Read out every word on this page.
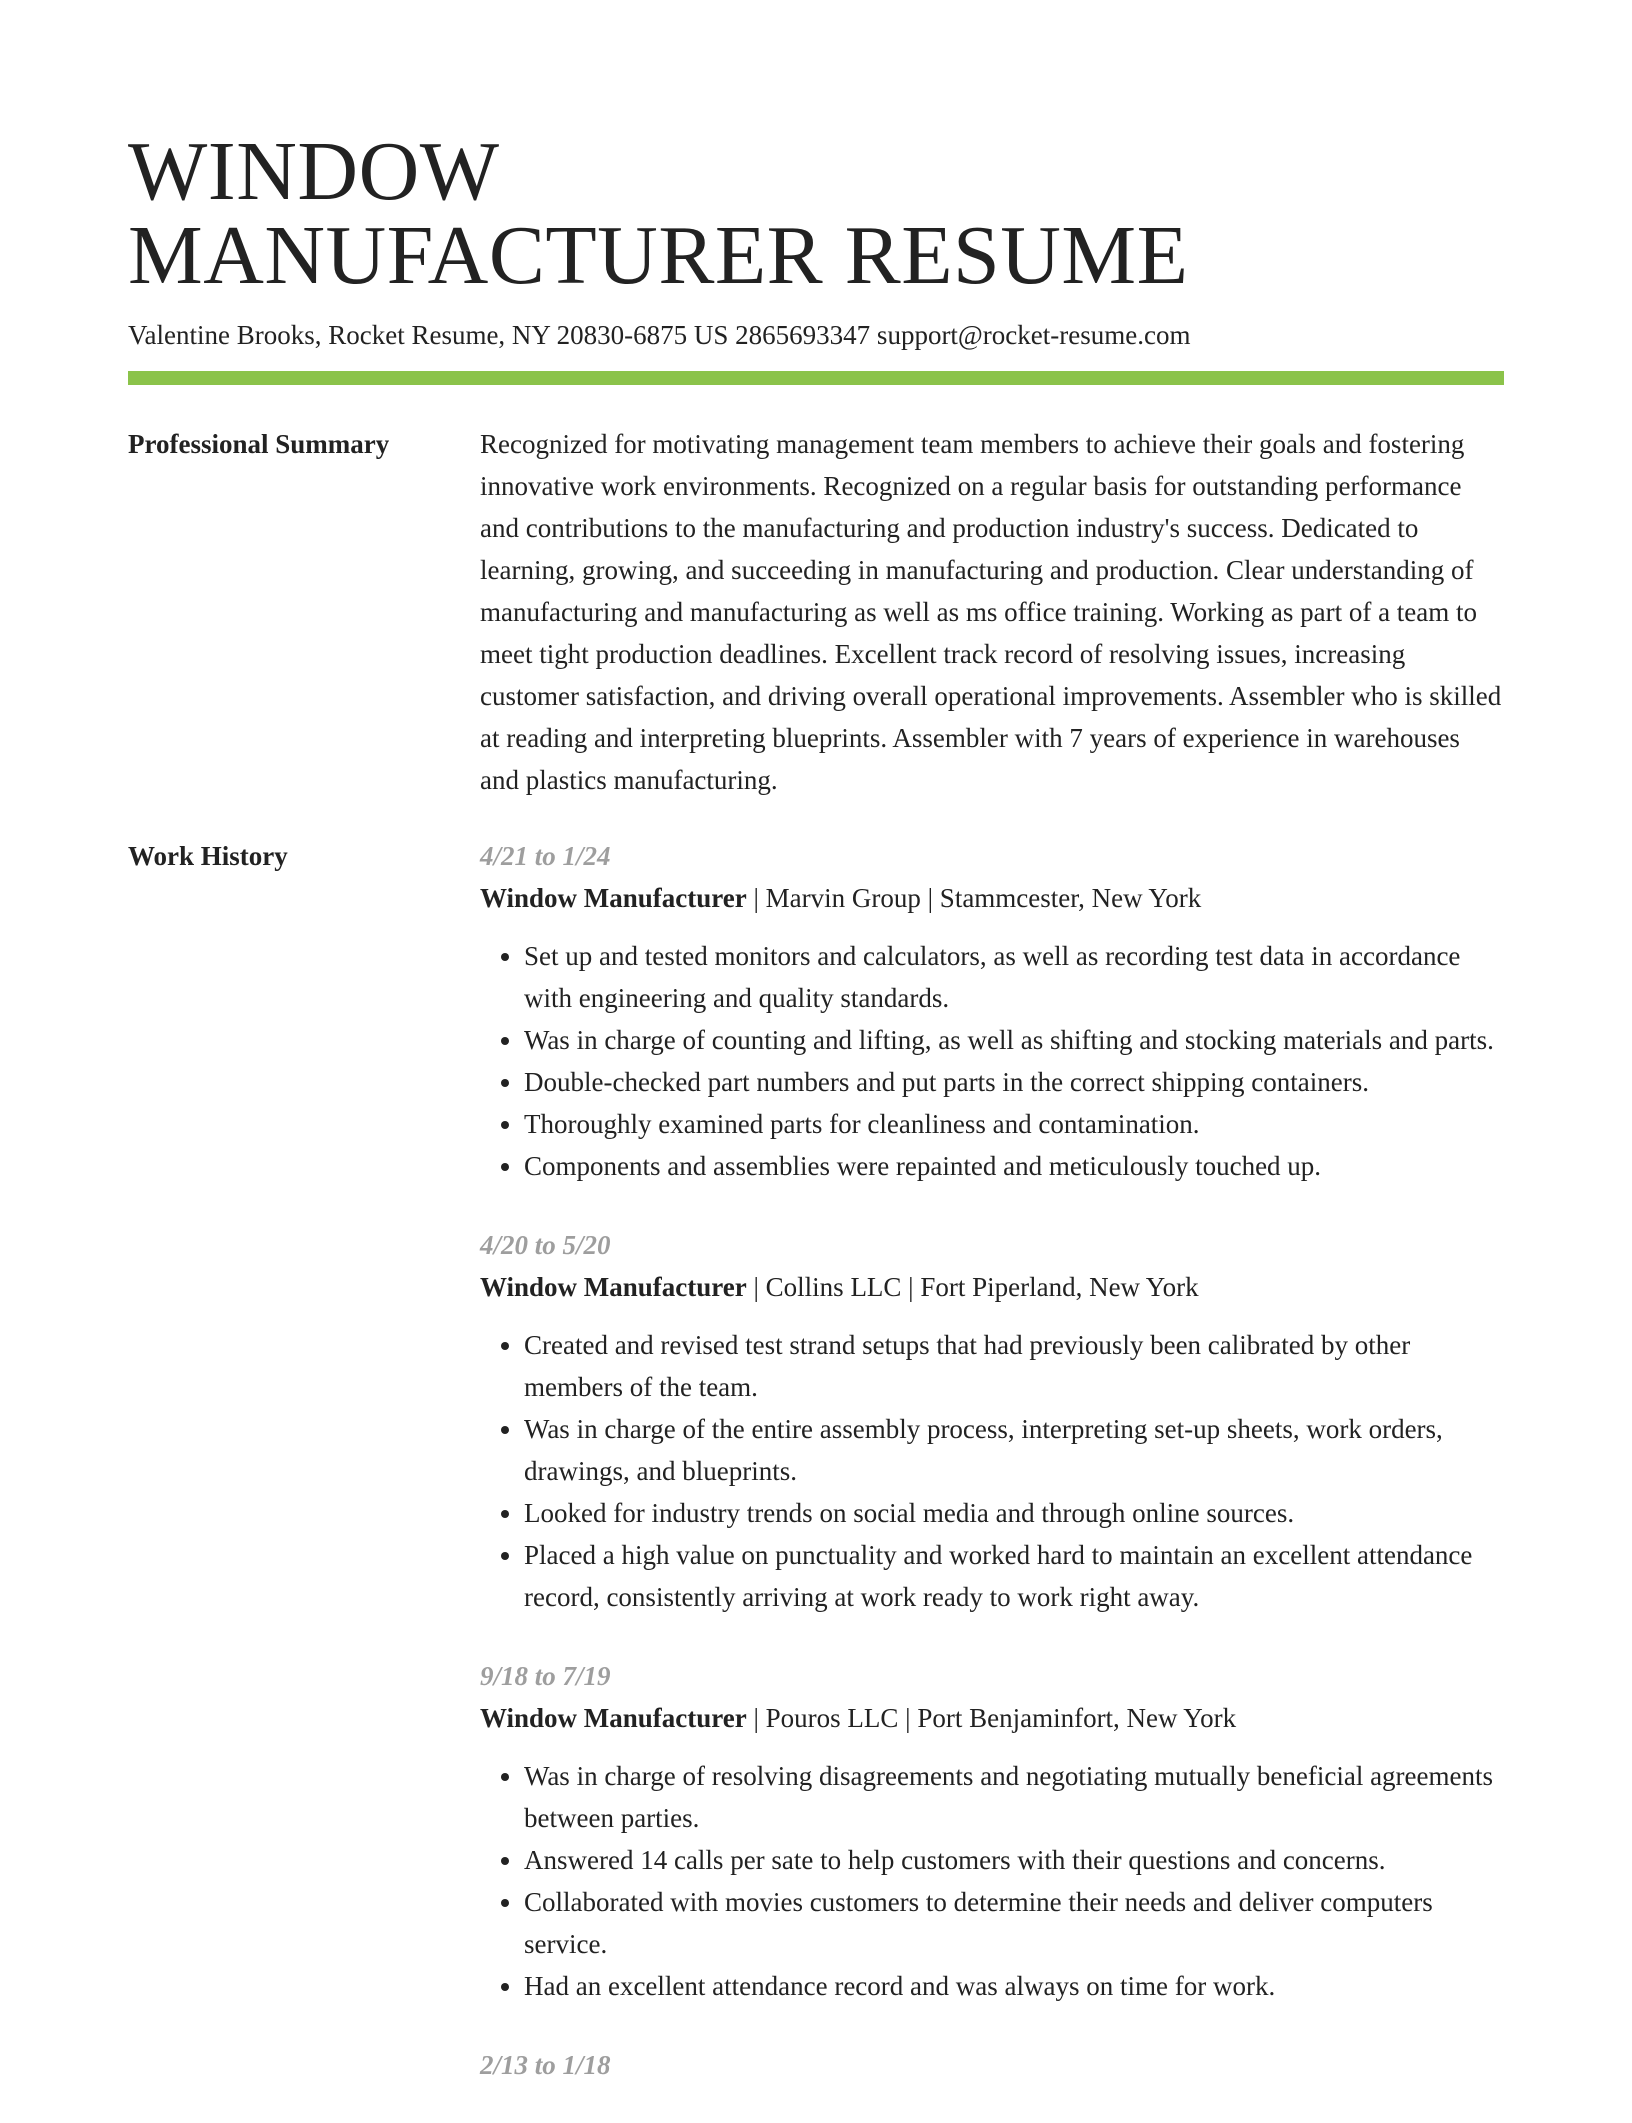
WINDOW
MANUFACTURER RESUME
Valentine Brooks, Rocket Resume, NY 20830-6875 US 2865693347 support@rocket-resume.com
Professional Summary	Recognized for motivating management team members to achieve their goals and fostering innovative work environments. Recognized on a regular basis for outstanding performance and contributions to the manufacturing and production industry's success. Dedicated to learning, growing, and succeeding in manufacturing and production. Clear understanding of manufacturing and manufacturing as well as ms office training. Working as part of a team to meet tight production deadlines. Excellent track record of resolving issues, increasing customer satisfaction, and driving overall operational improvements. Assembler who is skilled at reading and interpreting blueprints. Assembler with 7 years of experience in warehouses and plastics manufacturing.

Work History	4/21 to 1/24
Window Manufacturer | Marvin Group | Stammcester, New York
• Set up and tested monitors and calculators, as well as recording test data in accordance with engineering and quality standards.
• Was in charge of counting and lifting, as well as shifting and stocking materials and parts.
• Double-checked part numbers and put parts in the correct shipping containers.
• Thoroughly examined parts for cleanliness and contamination.
• Components and assemblies were repainted and meticulously touched up.
4/20 to 5/20
Window Manufacturer | Collins LLC | Fort Piperland, New York
• Created and revised test strand setups that had previously been calibrated by other members of the team.
• Was in charge of the entire assembly process, interpreting set-up sheets, work orders, drawings, and blueprints.
• Looked for industry trends on social media and through online sources.
• Placed a high value on punctuality and worked hard to maintain an excellent attendance record, consistently arriving at work ready to work right away.
9/18 to 7/19
Window Manufacturer | Pouros LLC | Port Benjaminfort, New York
• Was in charge of resolving disagreements and negotiating mutually beneficial agreements between parties.
• Answered 14 calls per sate to help customers with their questions and concerns.
• Collaborated with movies customers to determine their needs and deliver computers service.
• Had an excellent attendance record and was always on time for work.
2/13 to 1/18
